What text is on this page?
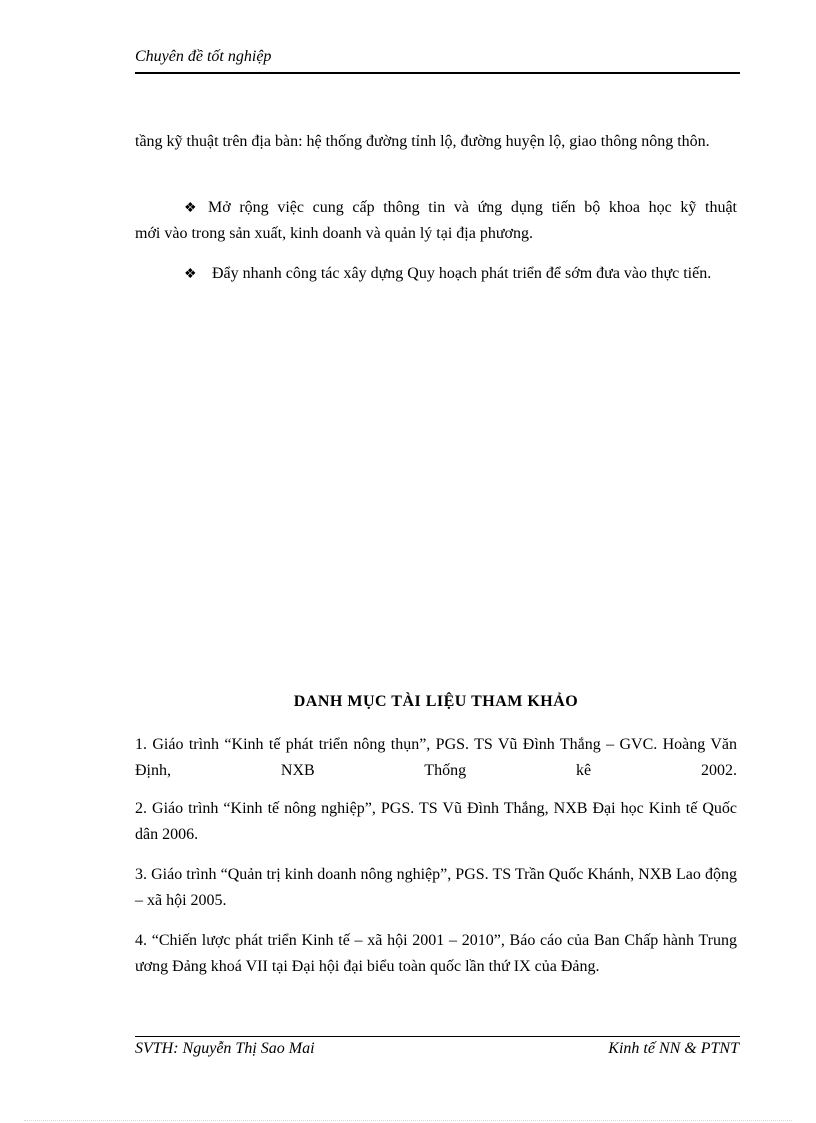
Chuyên đề tốt nghiệp
tầng kỹ thuật trên địa bàn: hệ thống đường tỉnh lộ, đường huyện lộ, giao thông nông thôn.
❖ Mở rộng việc cung cấp thông tin và ứng dụng tiến bộ khoa học kỹ thuật
mới vào trong sản xuất, kinh doanh và quản lý tại địa phương.
❖ Đẩy nhanh công tác xây dựng Quy hoạch phát triển để sớm đưa vào thực tiến.
DANH MỤC TÀI LIỆU THAM KHẢO
1. Giáo trình “Kinh tế phát triển nông thụn”, PGS. TS Vũ Đình Thắng – GVC. Hoàng Văn Định, NXB Thống kê 2002.
2. Giáo trình “Kinh tế nông nghiệp”, PGS. TS Vũ Đình Thắng, NXB Đại học Kinh tế Quốc dân 2006.
3. Giáo trình “Quản trị kinh doanh nông nghiệp”, PGS. TS Trần Quốc Khánh, NXB Lao động – xã hội 2005.
4. “Chiến lược phát triển Kinh tế – xã hội 2001 – 2010”, Báo cáo của Ban Chấp hành Trung ương Đảng khoá VII tại Đại hội đại biểu toàn quốc lần thứ IX của Đảng.
SVTH: Nguyễn Thị Sao Mai	Kinh tế NN & PTNT
